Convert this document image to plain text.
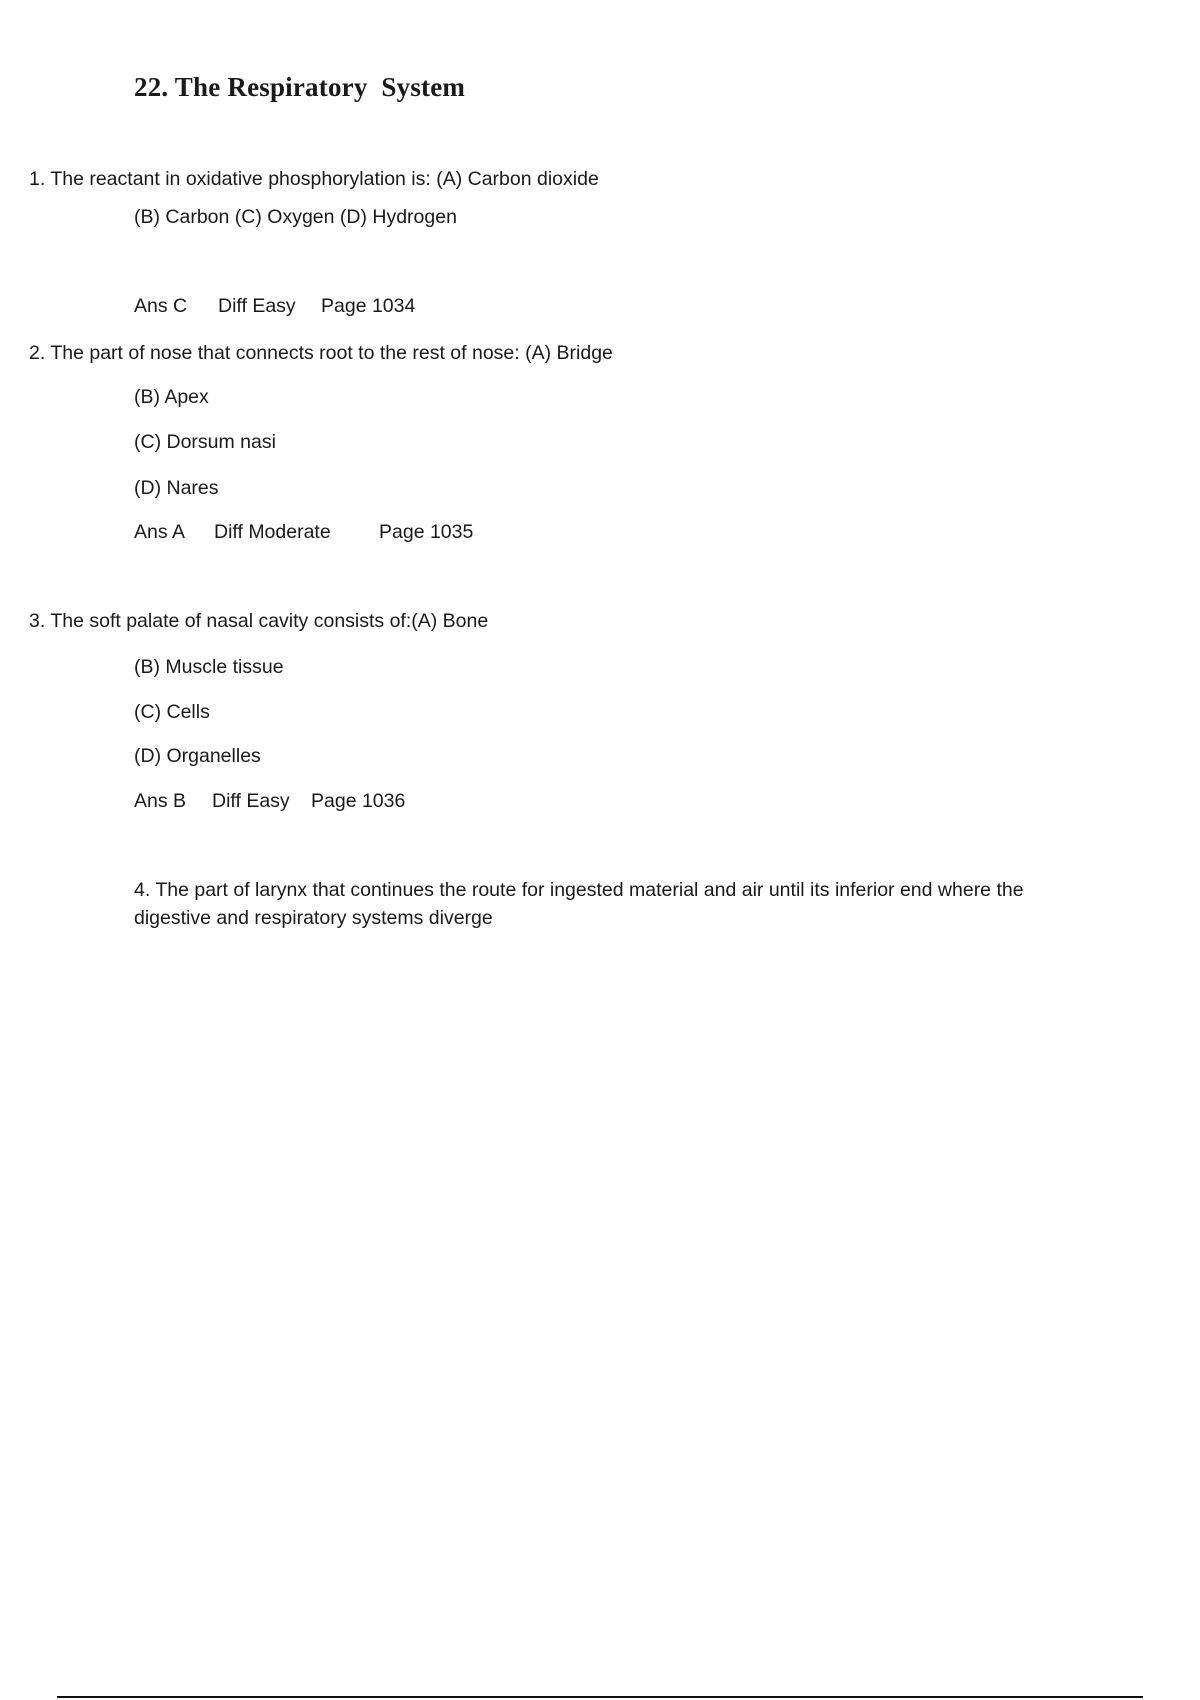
22. The Respiratory  System
1. The reactant in oxidative phosphorylation is: (A) Carbon dioxide
(B) Carbon (C) Oxygen (D) Hydrogen
Ans C Diff Easy Page 1034
2. The part of nose that connects root to the rest of nose: (A) Bridge
(B) Apex
(C) Dorsum nasi
(D) Nares
Ans A Diff Moderate Page 1035
3. The soft palate of nasal cavity consists of:(A) Bone
(B) Muscle tissue
(C) Cells
(D) Organelles
Ans B Diff Easy Page 1036
4. The part of larynx that continues the route for ingested material and air until its inferior end where the digestive and respiratory systems diverge
